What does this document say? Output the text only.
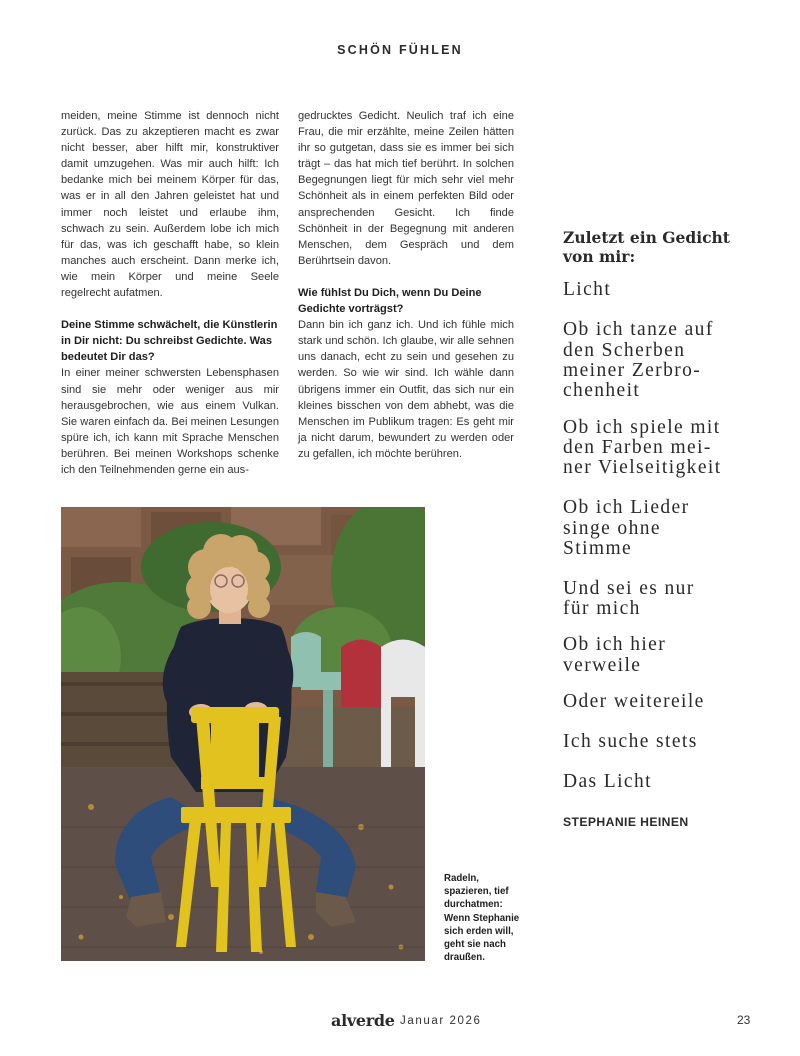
SCHÖN FÜHLEN

meiden, meine Stimme ist dennoch nicht zurück. Das zu akzeptieren macht es zwar nicht besser, aber hilft mir, konstruktiver damit umzugehen. Was mir auch hilft: Ich bedanke mich bei meinem Körper für das, was er in all den Jahren geleistet hat und immer noch leistet und erlaube ihm, schwach zu sein. Außerdem lobe ich mich für das, was ich geschafft habe, so klein manches auch erscheint. Dann merke ich, wie mein Körper und meine Seele regelrecht aufatmen.

Deine Stimme schwächelt, die Künstlerin in Dir nicht: Du schreibst Gedichte. Was bedeutet Dir das?

In einer meiner schwersten Lebensphasen sind sie mehr oder weniger aus mir herausgebrochen, wie aus einem Vulkan. Sie waren einfach da. Bei meinen Lesungen spüre ich, ich kann mit Sprache Menschen berühren. Bei meinen Workshops schenke ich den Teilnehmenden gerne ein aus-

gedrucktes Gedicht. Neulich traf ich eine Frau, die mir erzählte, meine Zeilen hätten ihr so gutgetan, dass sie es immer bei sich trägt – das hat mich tief berührt. In solchen Begegnungen liegt für mich sehr viel mehr Schönheit als in einem perfekten Bild oder ansprechenden Gesicht. Ich finde Schönheit in der Begegnung mit anderen Menschen, dem Gespräch und dem Berührtsein davon.

Wie fühlst Du Dich, wenn Du Deine Gedichte vorträgst?

Dann bin ich ganz ich. Und ich fühle mich stark und schön. Ich glaube, wir alle sehnen uns danach, echt zu sein und gesehen zu werden. So wie wir sind. Ich wähle dann übrigens immer ein Outfit, das sich nur ein kleines bisschen von dem abhebt, was die Menschen im Publikum tragen: Es geht mir ja nicht darum, bewundert zu werden oder zu gefallen, ich möchte berühren.

Radeln,
spazieren, tief
durchatmen:
Wenn Stephanie
sich erden will,
geht sie nach
draußen.
Zuletzt ein Gedicht
von mir:
Licht
Ob ich tanze auf
den Scherben
meiner Zerbro-
chenheit
Ob ich spiele mit
den Farben mei-
ner Vielseitigkeit
Ob ich Lieder
singe ohne
Stimme
Und sei es nur
für mich
Ob ich hier
verweile
Oder weitereile
Ich suche stets
Das Licht
STEPHANIE HEINEN
alverde Januar 2026	23
